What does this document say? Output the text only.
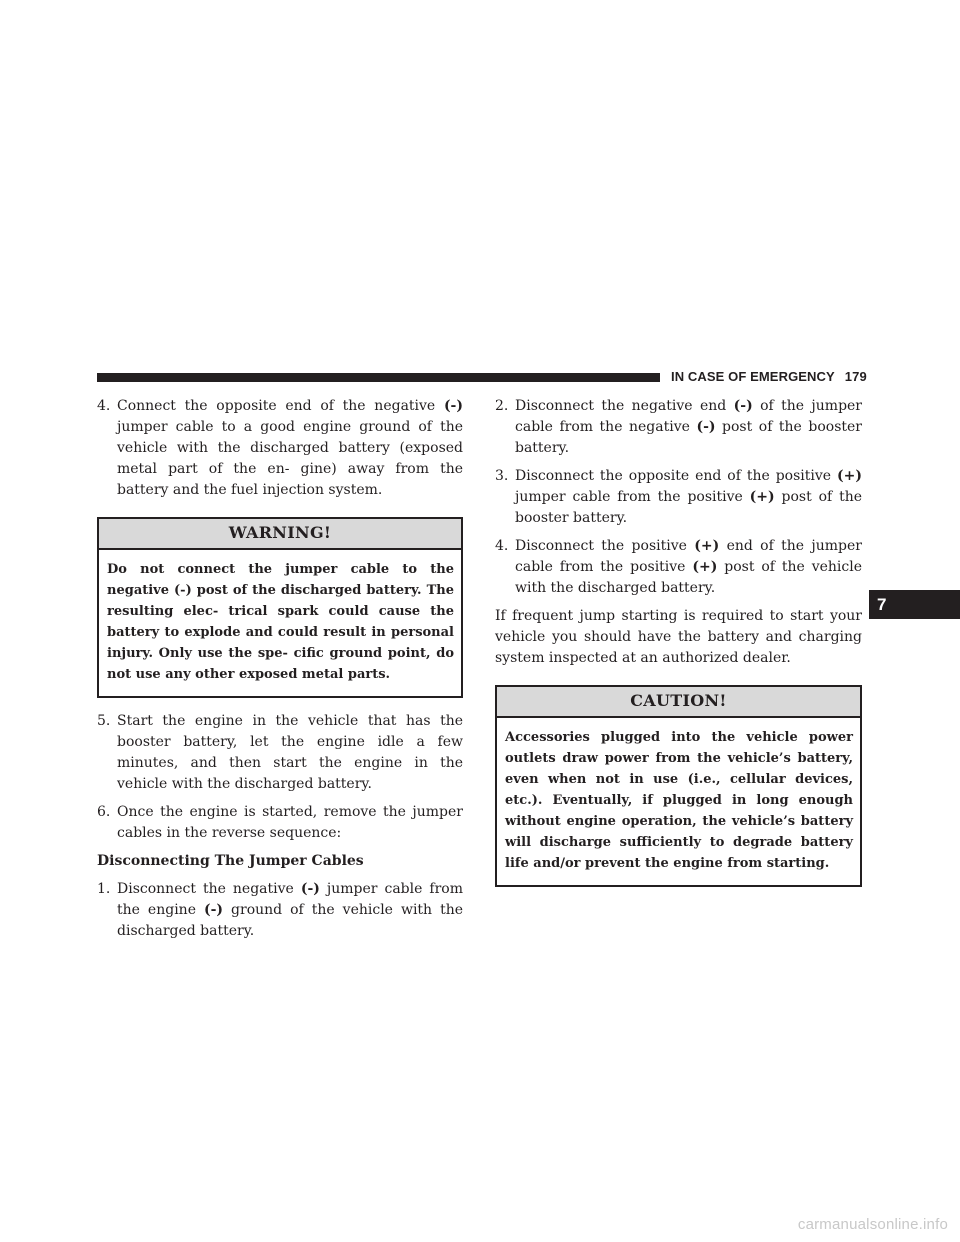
IN CASE OF EMERGENCY 179

4. Connect the opposite end of the negative (-) jumper cable to a good engine ground of the vehicle with the discharged battery (exposed metal part of the en- gine) away from the battery and the fuel injection system.

WARNING!
Do not connect the jumper cable to the negative (-) post of the discharged battery. The resulting elec- trical spark could cause the battery to explode and could result in personal injury. Only use the spe- cific ground point, do not use any other exposed metal parts.

5. Start the engine in the vehicle that has the booster battery, let the engine idle a few minutes, and then start the engine in the vehicle with the discharged battery.

6. Once the engine is started, remove the jumper cables in the reverse sequence:

Disconnecting The Jumper Cables

1. Disconnect the negative (-) jumper cable from the engine (-) ground of the vehicle with the discharged battery.

2. Disconnect the negative end (-) of the jumper cable from the negative (-) post of the booster battery.

3. Disconnect the opposite end of the positive (+) jumper cable from the positive (+) post of the booster battery.

4. Disconnect the positive (+) end of the jumper cable from the positive (+) post of the vehicle with the discharged battery.

If frequent jump starting is required to start your vehicle you should have the battery and charging system inspected at an authorized dealer.

CAUTION!
Accessories plugged into the vehicle power outlets draw power from the vehicle’s battery, even when not in use (i.e., cellular devices, etc.). Eventually, if plugged in long enough without engine operation, the vehicle’s battery will discharge sufficiently to degrade battery life and/or prevent the engine from starting.
7
carmanualsonline.info
